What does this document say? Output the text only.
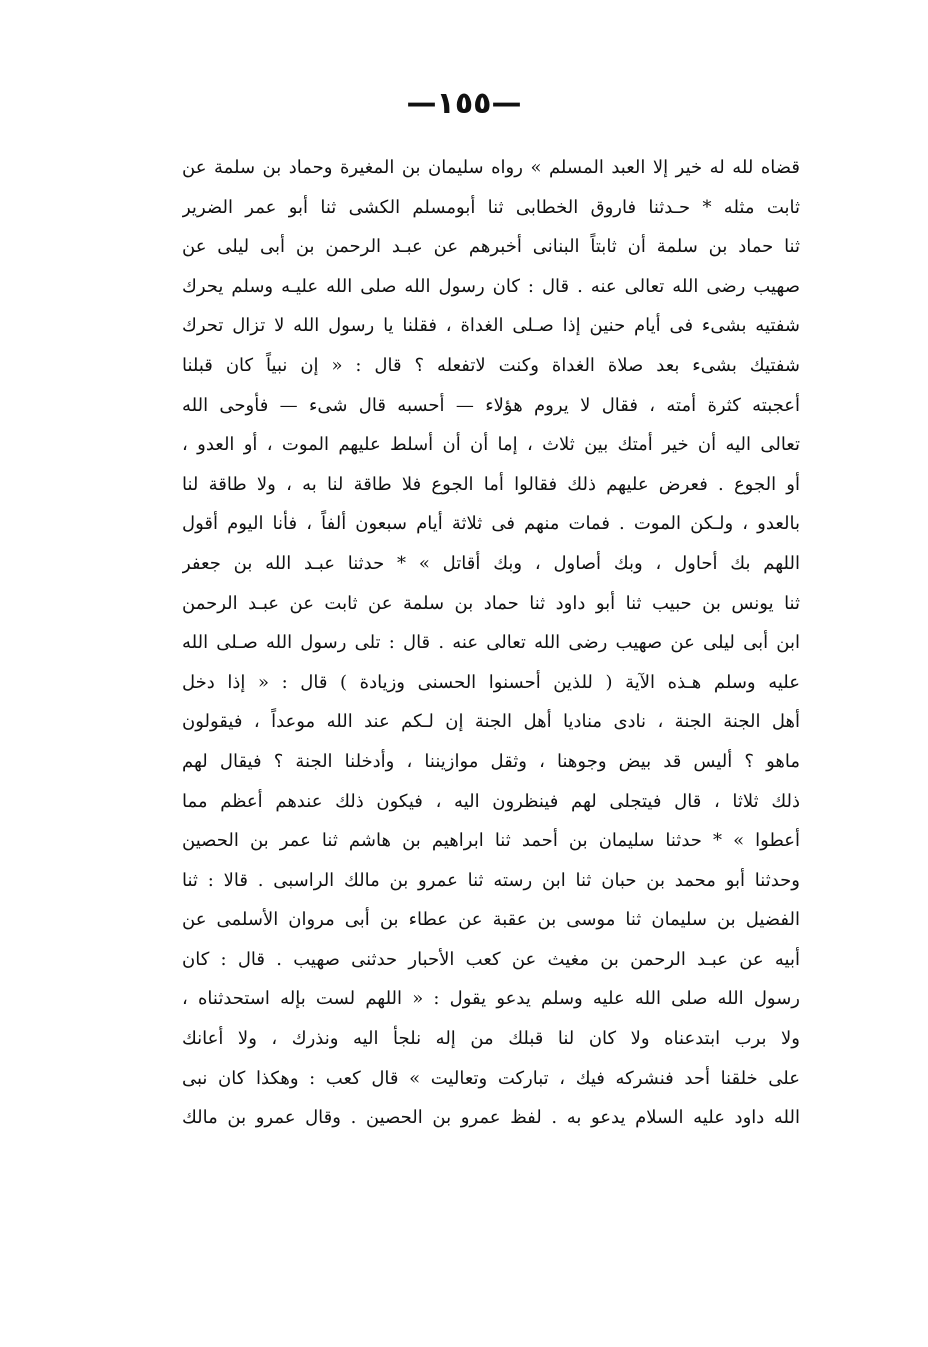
—١٥٥—
قضاه لله له خير إلا العبد المسلم » رواه سليمان بن المغيرة وحماد بن سلمة عن
ثابت مثله * حـدثنا فاروق الخطابى ثنا أبومسلم الكشى ثنا أبو عمر الضرير
ثنا حماد بن سلمة أن ثابتاً البنانى أخبرهم عن عبـد الرحمن بن أبى ليلى عن
صهيب رضى الله تعالى عنه . قال : كان رسول الله صلى الله عليـه وسلم يحرك
شفتيه بشىء فى أيام حنين إذا صـلى الغداة ، فقلنا يا رسول الله لا تزال تحرك
شفتيك بشىء بعد صلاة الغداة وكنت لاتفعله ؟ قال : « إن نبياً كان قبلنا
أعجبته كثرة أمته ، فقال لا يروم هؤلاء — أحسبه قال شىء — فأوحى الله
تعالى اليه أن خير أمتك بين ثلاث ، إما أن أن أسلط عليهم الموت ، أو العدو ،
أو الجوع . فعرض عليهم ذلك فقالوا أما الجوع فلا طاقة لنا به ، ولا طاقة لنا
بالعدو ، ولـكن الموت . فمات منهم فى ثلاثة أيام سبعون ألفاً ، فأنا اليوم أقول
اللهم بك أحاول ، وبك أصاول ، وبك أقاتل » * حدثنا عبـد الله بن جعفر
ثنا يونس بن حبيب ثنا أبو داود ثنا حماد بن سلمة عن ثابت عن عبـد الرحمن
ابن أبى ليلى عن صهيب رضى الله تعالى عنه . قال : تلى رسول الله صـلى الله
عليه وسلم هـذه الآية ( للذين أحسنوا الحسنى وزيادة ) قال : « إذا دخل
أهل الجنة الجنة ، نادى مناديا أهل الجنة إن لـكم عند الله موعداً ، فيقولون
ماهو ؟ أليس قد بيض وجوهنا ، وثقل موازيننا ، وأدخلنا الجنة ؟ فيقال لهم
ذلك ثلاثا ، قال فيتجلى لهم فينظرون اليه ، فيكون ذلك عندهم أعظم مما
أعطوا » * حدثنا سليمان بن أحمد ثنا ابراهيم بن هاشم ثنا عمر بن الحصين
وحدثنا أبو محمد بن حبان ثنا ابن رسته ثنا عمرو بن مالك الراسبى . قالا : ثنا
الفضيل بن سليمان ثنا موسى بن عقبة عن عطاء بن أبى مروان الأسلمى عن
أبيه عن عبـد الرحمن بن مغيث عن كعب الأحبار حدثنى صهيب . قال : كان
رسول الله صلى الله عليه وسلم يدعو يقول : « اللهم لست بإله استحدثناه ،
ولا برب ابتدعناه ولا كان لنا قبلك من إله نلجأ اليه ونذرك ، ولا أعانك
على خلقنا أحد فنشركه فيك ، تباركت وتعاليت » قال كعب : وهكذا كان نبى
الله داود عليه السلام يدعو به . لفظ عمرو بن الحصين . وقال عمرو بن مالك
